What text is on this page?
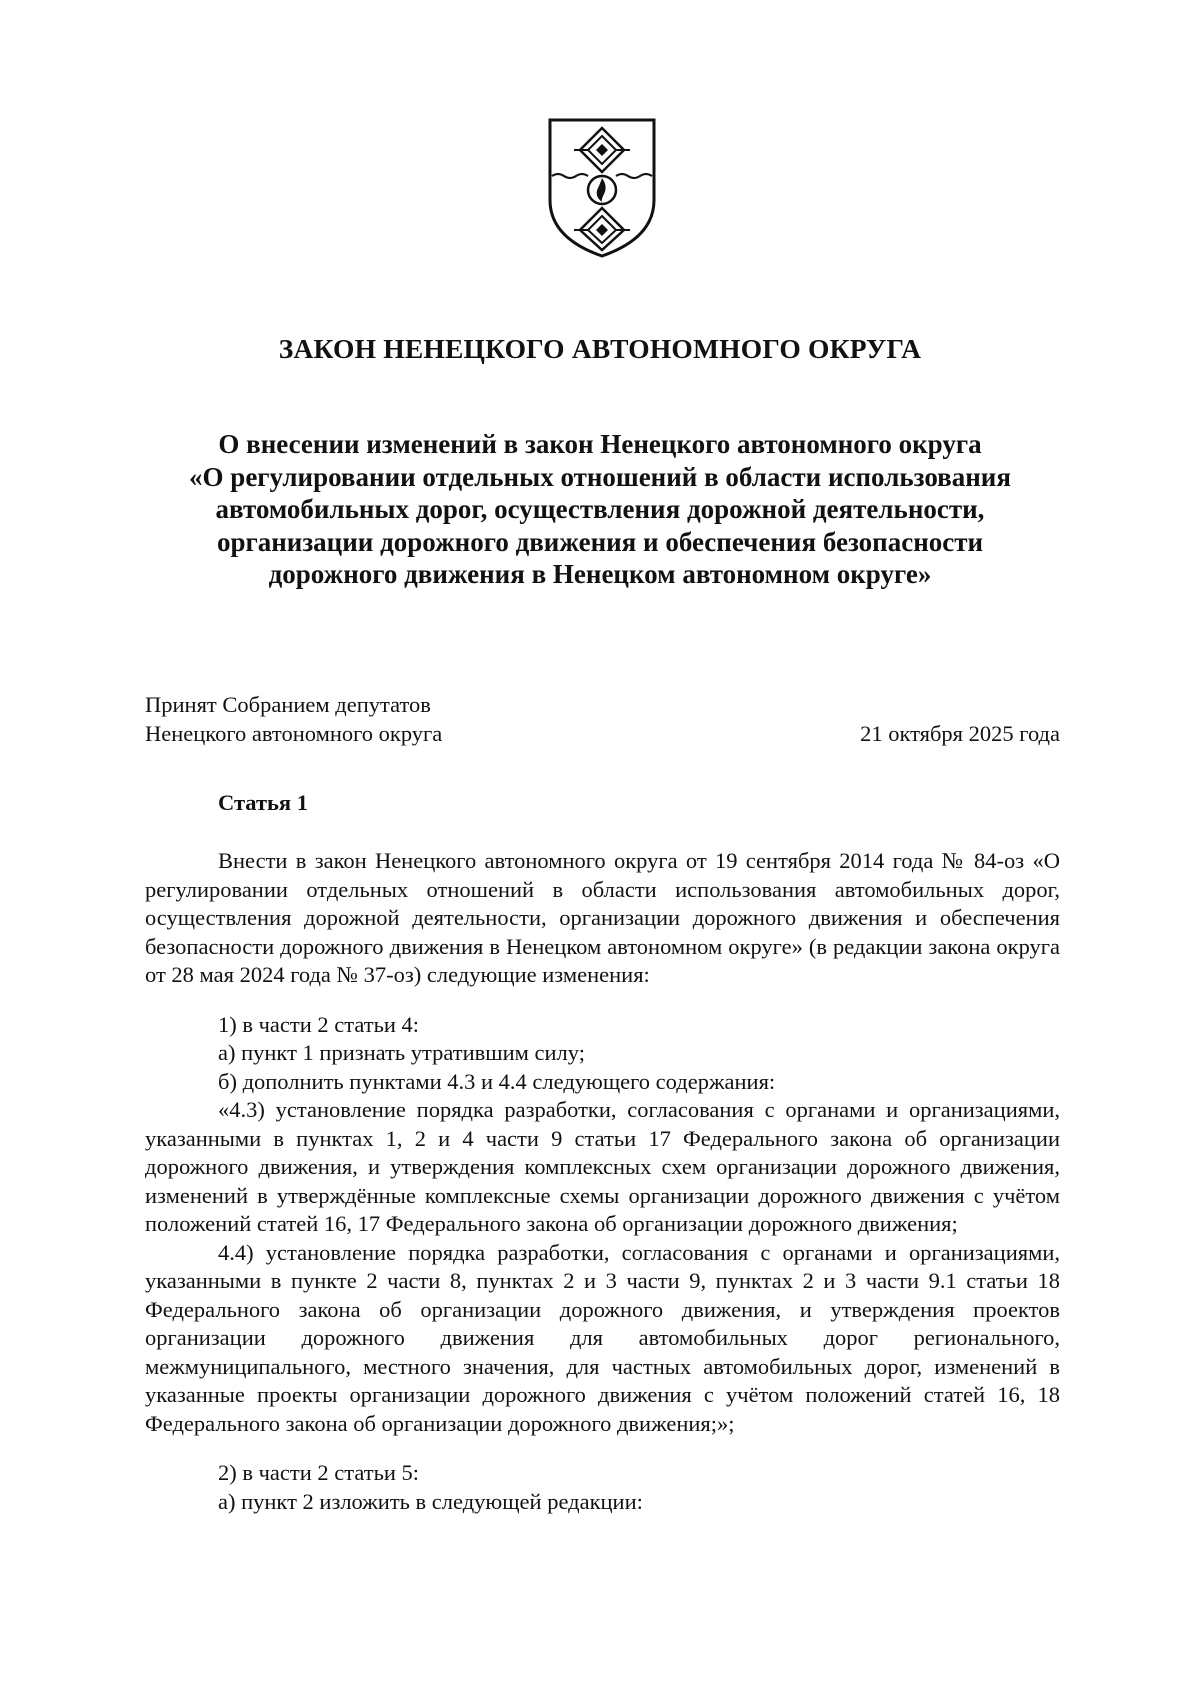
ЗАКОН НЕНЕЦКОГО АВТОНОМНОГО ОКРУГА
О внесении изменений в закон Ненецкого автономного округа
«О регулировании отдельных отношений в области использования
автомобильных дорог, осуществления дорожной деятельности,
организации дорожного движения и обеспечения безопасности
дорожного движения в Ненецком автономном округе»
Принят Собранием депутатов
Ненецкого автономного округа	21 октября 2025 года
Статья 1

Внести в закон Ненецкого автономного округа от 19 сентября 2014 года № 84-оз «О регулировании отдельных отношений в области использования автомобильных дорог, осуществления дорожной деятельности, организации дорожного движения и обеспечения безопасности дорожного движения в Ненецком автономном округе» (в редакции закона округа от 28 мая 2024 года № 37-оз) следующие изменения:

1) в части 2 статьи 4:

а) пункт 1 признать утратившим силу;

б) дополнить пунктами 4.3 и 4.4 следующего содержания:

«4.3) установление порядка разработки, согласования с органами и организациями, указанными в пунктах 1, 2 и 4 части 9 статьи 17 Федерального закона об организации дорожного движения, и утверждения комплексных схем организации дорожного движения, изменений в утверждённые комплексные схемы организации дорожного движения с учётом положений статей 16, 17 Федерального закона об организации дорожного движения;

4.4) установление порядка разработки, согласования с органами и организациями, указанными в пункте 2 части 8, пунктах 2 и 3 части 9, пунктах 2 и 3 части 9.1 статьи 18 Федерального закона об организации дорожного движения, и утверждения проектов организации дорожного движения для автомобильных дорог регионального, межмуниципального, местного значения, для частных автомобильных дорог, изменений в указанные проекты организации дорожного движения с учётом положений статей 16, 18 Федерального закона об организации дорожного движения;»;

2) в части 2 статьи 5:

а) пункт 2 изложить в следующей редакции:
